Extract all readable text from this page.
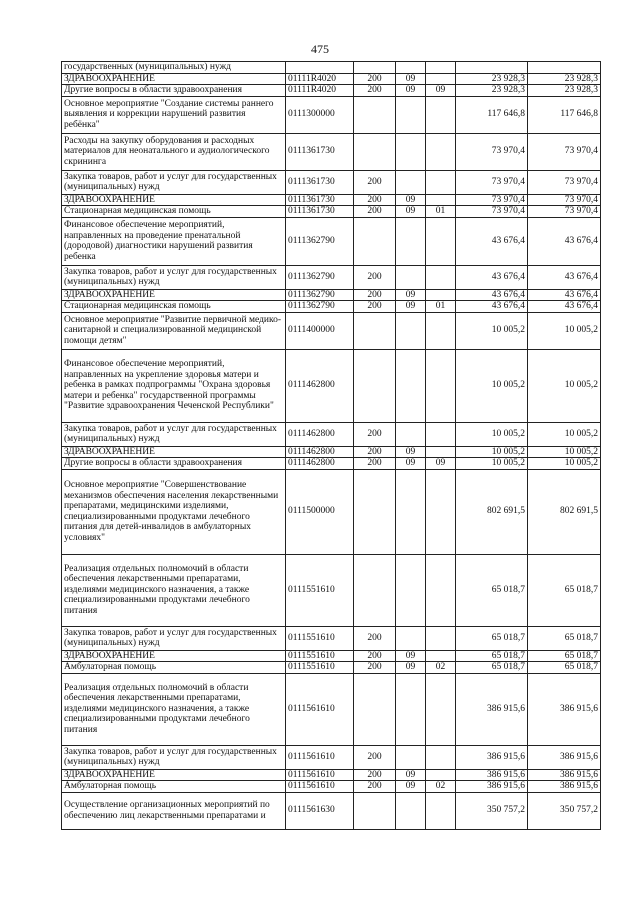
475
государственных (муниципальных) нужд						
ЗДРАВООХРАНЕНИЕ	01111R4020	200	09		23 928,3	23 928,3
Другие вопросы в области здравоохранения	01111R4020	200	09	09	23 928,3	23 928,3
Основное мероприятие "Создание системы раннего выявления и коррекции нарушений развития ребёнка"	0111300000				117 646,8	117 646,8
Расходы на закупку оборудования и расходных материалов для неонатального и аудиологического скрининга	0111361730				73 970,4	73 970,4
Закупка товаров, работ и услуг для государственных (муниципальных) нужд	0111361730	200			73 970,4	73 970,4
ЗДРАВООХРАНЕНИЕ	0111361730	200	09		73 970,4	73 970,4
Стационарная медицинская помощь	0111361730	200	09	01	73 970,4	73 970,4
Финансовое обеспечение мероприятий, направленных на проведение пренатальной (дородовой) диагностики нарушений развития ребенка	0111362790				43 676,4	43 676,4
Закупка товаров, работ и услуг для государственных (муниципальных) нужд	0111362790	200			43 676,4	43 676,4
ЗДРАВООХРАНЕНИЕ	0111362790	200	09		43 676,4	43 676,4
Стационарная медицинская помощь	0111362790	200	09	01	43 676,4	43 676,4
Основное мероприятие "Развитие первичной медико-санитарной и специализированной медицинской помощи детям"	0111400000				10 005,2	10 005,2
Финансовое обеспечение мероприятий, направленных на укрепление здоровья матери и ребенка в рамках подпрограммы "Охрана здоровья матери и ребенка" государственной программы "Развитие здравоохранения Чеченской Республики"	0111462800				10 005,2	10 005,2
Закупка товаров, работ и услуг для государственных (муниципальных) нужд	0111462800	200			10 005,2	10 005,2
ЗДРАВООХРАНЕНИЕ	0111462800	200	09		10 005,2	10 005,2
Другие вопросы в области здравоохранения	0111462800	200	09	09	10 005,2	10 005,2
Основное мероприятие "Совершенствование механизмов обеспечения населения лекарственными препаратами, медицинскими изделиями, специализированными продуктами лечебного питания для детей-инвалидов в амбулаторных условиях"	0111500000				802 691,5	802 691,5
Реализация отдельных полномочий в области обеспечения лекарственными препаратами, изделиями медицинского назначения, а также специализированными продуктами лечебного питания	0111551610				65 018,7	65 018,7
Закупка товаров, работ и услуг для государственных (муниципальных) нужд	0111551610	200			65 018,7	65 018,7
ЗДРАВООХРАНЕНИЕ	0111551610	200	09		65 018,7	65 018,7
Амбулаторная помощь	0111551610	200	09	02	65 018,7	65 018,7
Реализация отдельных полномочий в области обеспечения лекарственными препаратами, изделиями медицинского назначения, а также специализированными продуктами лечебного питания	0111561610				386 915,6	386 915,6
Закупка товаров, работ и услуг для государственных (муниципальных) нужд	0111561610	200			386 915,6	386 915,6
ЗДРАВООХРАНЕНИЕ	0111561610	200	09		386 915,6	386 915,6
Амбулаторная помощь	0111561610	200	09	02	386 915,6	386 915,6
Осуществление организационных мероприятий по обеспечению лиц лекарственными препаратами и	0111561630				350 757,2	350 757,2
